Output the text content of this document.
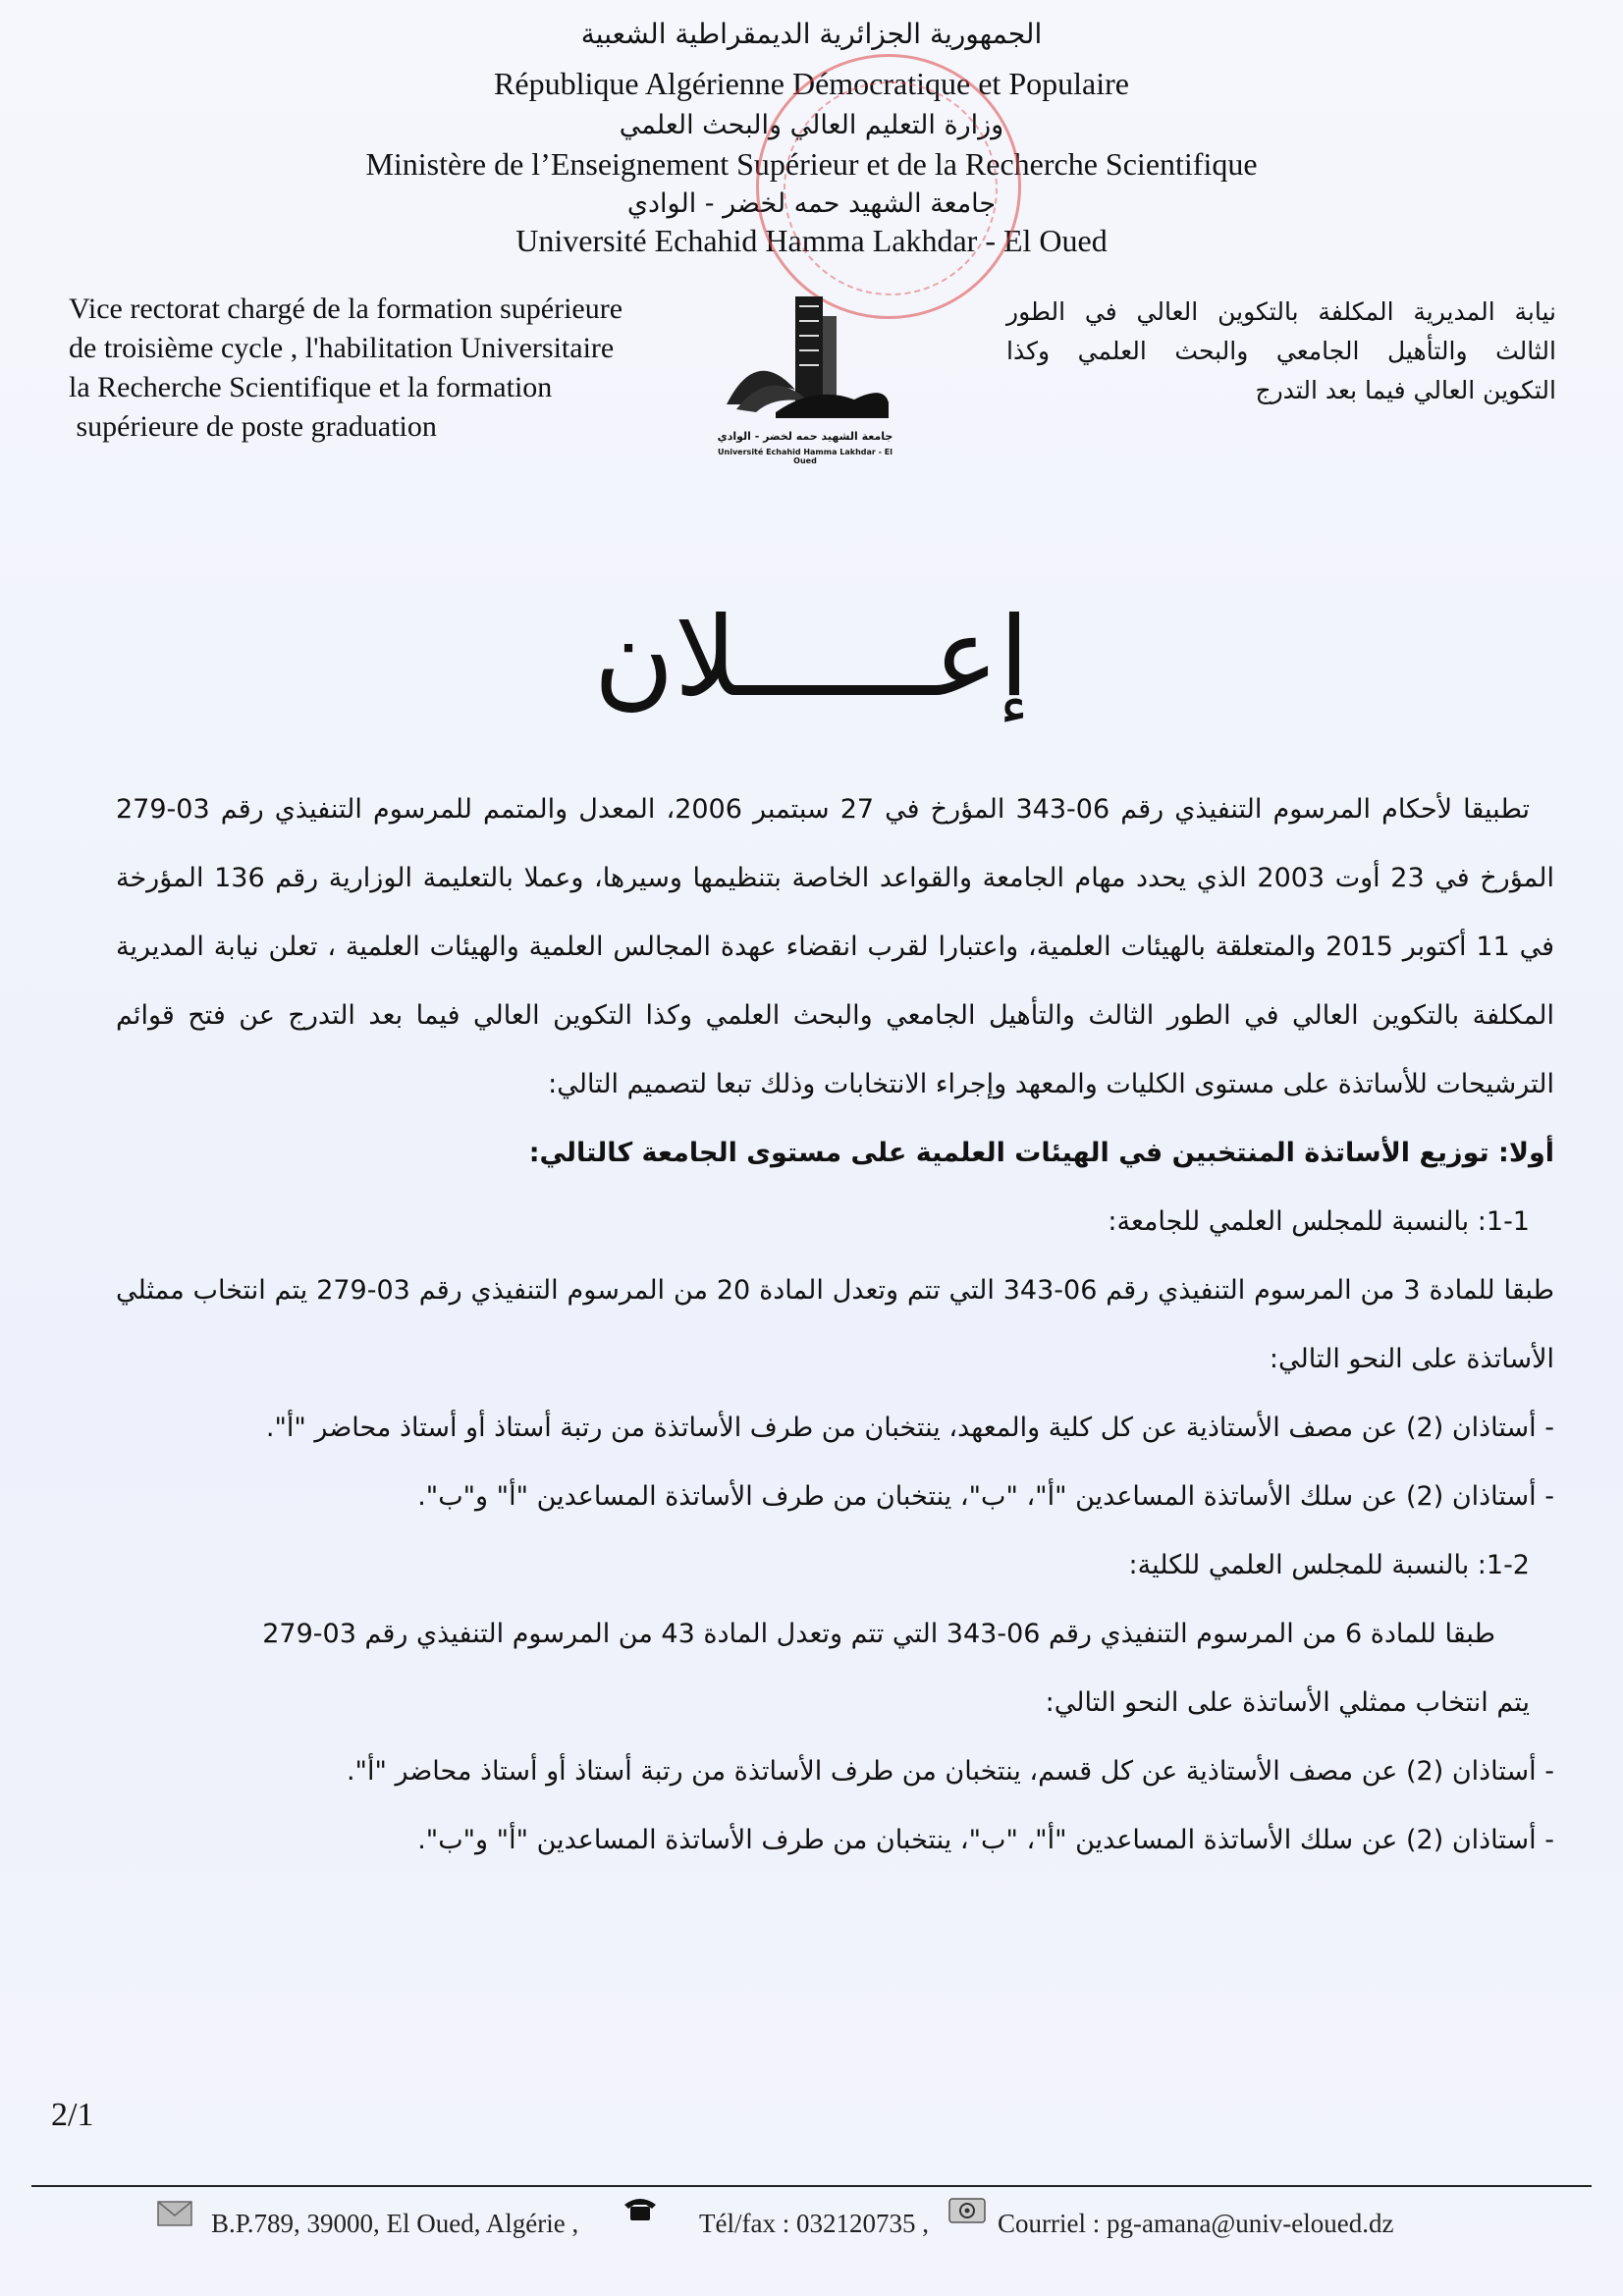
الجمهورية الجزائرية الديمقراطية الشعبية
République Algérienne Démocratique et Populaire
وزارة التعليم العالي والبحث العلمي
Ministère de l’Enseignement Supérieur et de la Recherche Scientifique
جامعة الشهيد حمه لخضر - الوادي
Université Echahid Hamma Lakhdar - El Oued
Vice rectorat chargé de la formation supérieure
de troisième cycle , l'habilitation Universitaire
la Recherche Scientifique et la formation
supérieure de poste graduation	جامعة الشهيد حمه لخضر - الوادي
Université Echahid Hamma Lakhdar - El Oued
نيابة المديرية المكلفة بالتكوين العالي في الطور
الثالث والتأهيل الجامعي والبحث العلمي وكذا
التكوين العالي فيما بعد التدرج
إعــــــلان
تطبيقا لأحكام المرسوم التنفيذي رقم 06-343 المؤرخ في 27 سبتمبر 2006، المعدل والمتمم للمرسوم التنفيذي رقم 03-279 المؤرخ في 23 أوت 2003 الذي يحدد مهام الجامعة والقواعد الخاصة بتنظيمها وسيرها، وعملا بالتعليمة الوزارية رقم 136 المؤرخة في 11 أكتوبر 2015 والمتعلقة بالهيئات العلمية، واعتبارا لقرب انقضاء عهدة المجالس العلمية والهيئات العلمية ، تعلن نيابة المديرية المكلفة بالتكوين العالي في الطور الثالث والتأهيل الجامعي والبحث العلمي وكذا التكوين العالي فيما بعد التدرج عن فتح قوائم الترشيحات للأساتذة على مستوى الكليات والمعهد وإجراء الانتخابات وذلك تبعا لتصميم التالي:
أولا: توزيع الأساتذة المنتخبين في الهيئات العلمية على مستوى الجامعة كالتالي:
1-1: بالنسبة للمجلس العلمي للجامعة:
طبقا للمادة 3 من المرسوم التنفيذي رقم 06-343 التي تتم وتعدل المادة 20 من المرسوم التنفيذي رقم 03-279 يتم انتخاب ممثلي الأساتذة على النحو التالي:
- أستاذان (2) عن مصف الأستاذية عن كل كلية والمعهد، ينتخبان من طرف الأساتذة من رتبة أستاذ أو أستاذ محاضر "أ".
- أستاذان (2) عن سلك الأساتذة المساعدين "أ"، "ب"، ينتخبان من طرف الأساتذة المساعدين "أ" و"ب".
1-2: بالنسبة للمجلس العلمي للكلية:
طبقا للمادة 6 من المرسوم التنفيذي رقم 06-343 التي تتم وتعدل المادة 43 من المرسوم التنفيذي رقم 03-279
يتم انتخاب ممثلي الأساتذة على النحو التالي:
- أستاذان (2) عن مصف الأستاذية عن كل قسم، ينتخبان من طرف الأساتذة من رتبة أستاذ أو أستاذ محاضر "أ".
- أستاذان (2) عن سلك الأساتذة المساعدين "أ"، "ب"، ينتخبان من طرف الأساتذة المساعدين "أ" و"ب".
2/1
B.P.789, 39000, El Oued, Algérie ,	Tél/fax : 032120735 ,	Courriel : pg-amana@univ-eloued.dz
